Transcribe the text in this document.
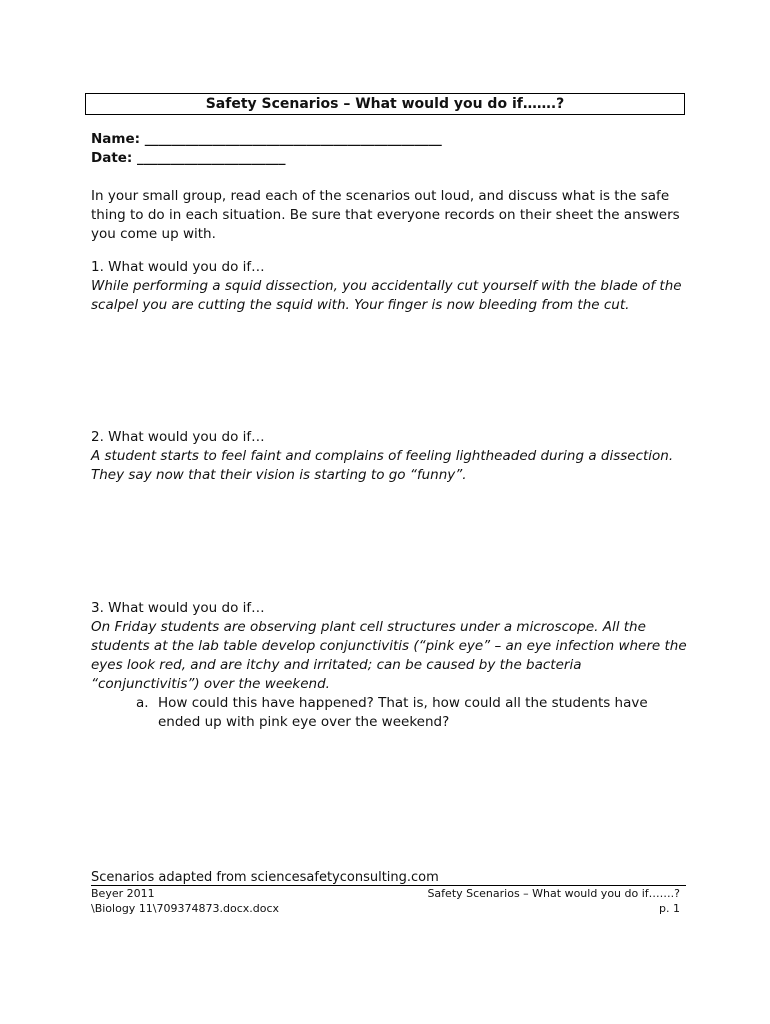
Safety Scenarios – What would you do if…….?
Name: ____________________________________________
Date: ______________________
In your small group, read each of the scenarios out loud, and discuss what is the safe thing to do in each situation. Be sure that everyone records on their sheet the answers you come up with.
1. What would you do if…
While performing a squid dissection, you accidentally cut yourself with the blade of the scalpel you are cutting the squid with. Your finger is now bleeding from the cut.
2. What would you do if…
A student starts to feel faint and complains of feeling lightheaded during a dissection. They say now that their vision is starting to go “funny”.
3. What would you do if…
On Friday students are observing plant cell structures under a microscope. All the students at the lab table develop conjunctivitis (“pink eye” – an eye infection where the eyes look red, and are itchy and irritated; can be caused by the bacteria “conjunctivitis”) over the weekend.
a. How could this have happened? That is, how could all the students have ended up with pink eye over the weekend?
Scenarios adapted from sciencesafetyconsulting.com
Beyer 2011
\Biology 11\709374873.docx.docx
Safety Scenarios – What would you do if…….?
p. 1
